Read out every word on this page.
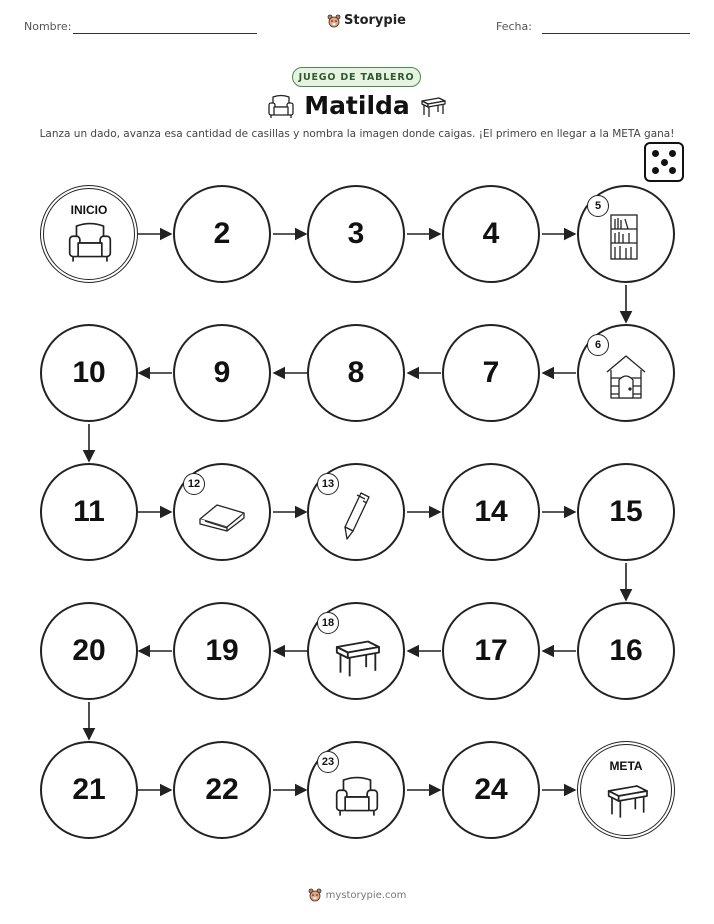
Nombre:	Storypie	Fecha:
JUEGO DE TABLERO
Matilda
Lanza un dado, avanza esa cantidad de casillas y nombra la imagen donde caigas. ¡El primero en llegar a la META gana!
INICIO
2	3	4
5
10	9	8	7
6
11
12	13
14	15
20	19
18
17	16
21	22
23
24
META
mystorypie.com
